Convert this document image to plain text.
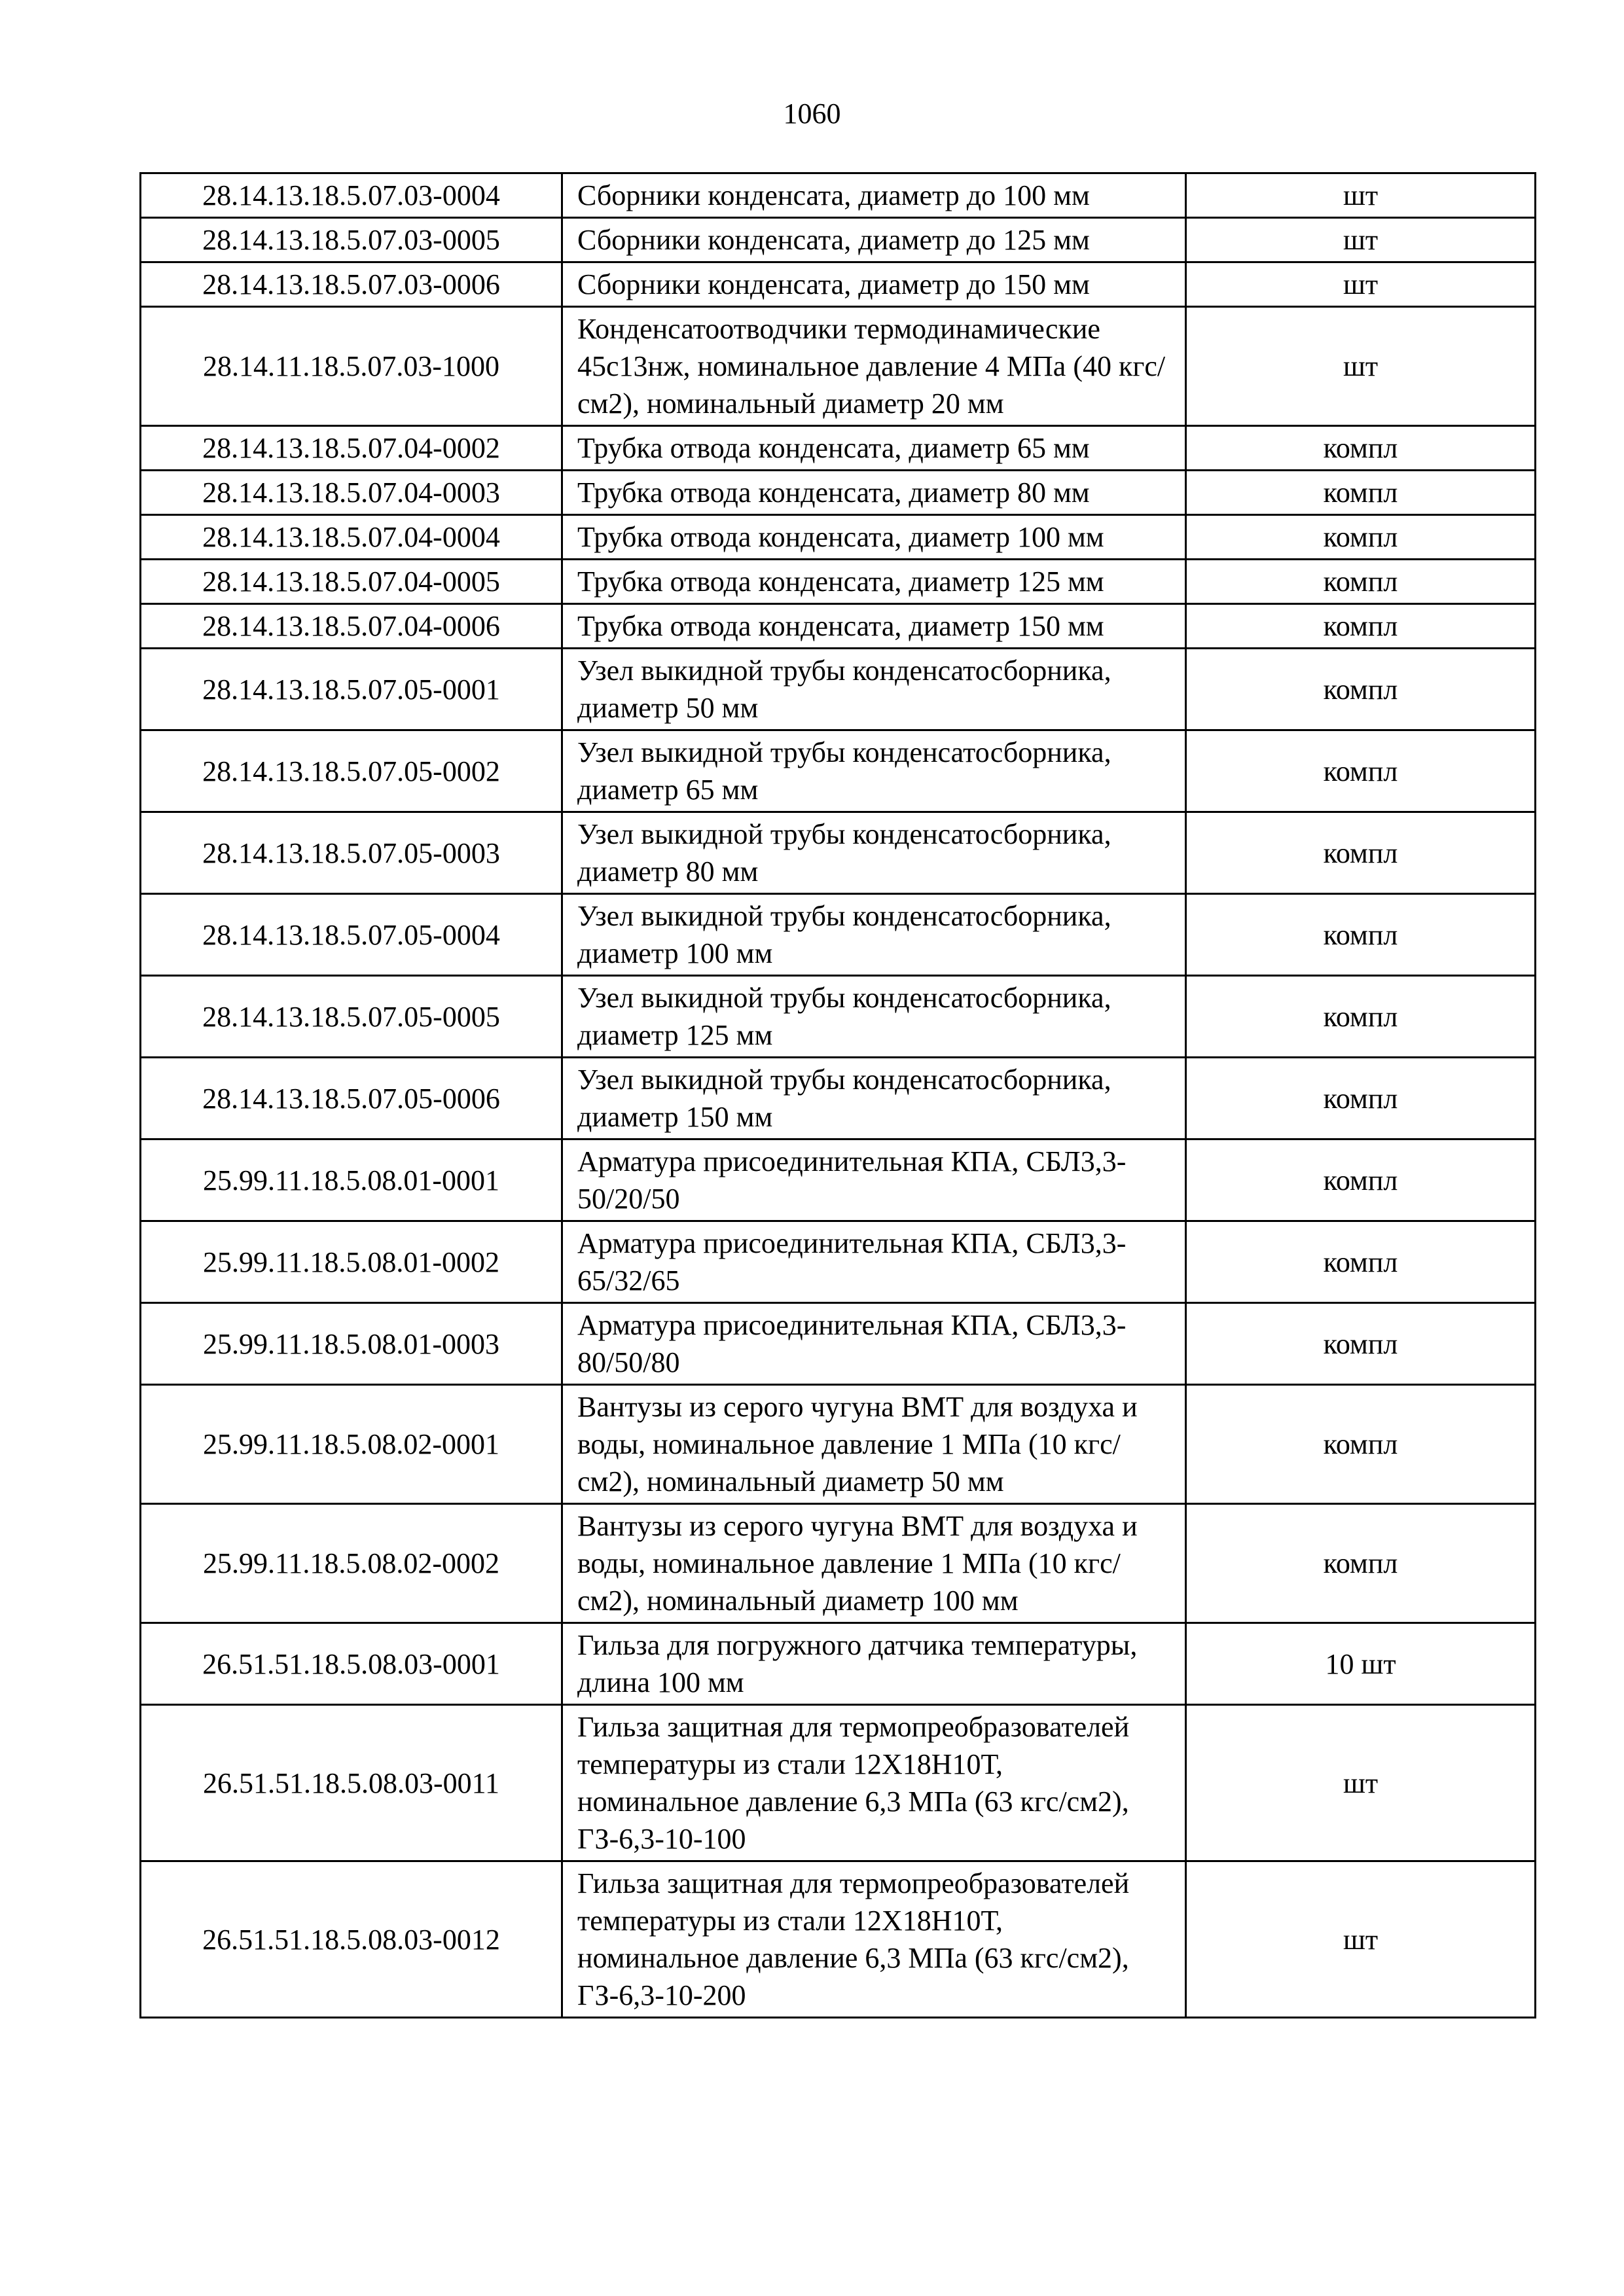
1060
28.14.13.18.5.07.03-0004	Сборники конденсата, диаметр до 100 мм	шт
28.14.13.18.5.07.03-0005	Сборники конденсата, диаметр до 125 мм	шт
28.14.13.18.5.07.03-0006	Сборники конденсата, диаметр до 150 мм	шт
28.14.11.18.5.07.03-1000	Конденсатоотводчики термодинамические 45с13нж, номинальное давление 4 МПа (40 кгс/см2), номинальный диаметр 20 мм	шт
28.14.13.18.5.07.04-0002	Трубка отвода конденсата, диаметр 65 мм	компл
28.14.13.18.5.07.04-0003	Трубка отвода конденсата, диаметр 80 мм	компл
28.14.13.18.5.07.04-0004	Трубка отвода конденсата, диаметр 100 мм	компл
28.14.13.18.5.07.04-0005	Трубка отвода конденсата, диаметр 125 мм	компл
28.14.13.18.5.07.04-0006	Трубка отвода конденсата, диаметр 150 мм	компл
28.14.13.18.5.07.05-0001	Узел выкидной трубы конденсатосборника, диаметр 50 мм	компл
28.14.13.18.5.07.05-0002	Узел выкидной трубы конденсатосборника, диаметр 65 мм	компл
28.14.13.18.5.07.05-0003	Узел выкидной трубы конденсатосборника, диаметр 80 мм	компл
28.14.13.18.5.07.05-0004	Узел выкидной трубы конденсатосборника, диаметр 100 мм	компл
28.14.13.18.5.07.05-0005	Узел выкидной трубы конденсатосборника, диаметр 125 мм	компл
28.14.13.18.5.07.05-0006	Узел выкидной трубы конденсатосборника, диаметр 150 мм	компл
25.99.11.18.5.08.01-0001	Арматура присоединительная КПА, СБЛ3,3-50/20/50	компл
25.99.11.18.5.08.01-0002	Арматура присоединительная КПА, СБЛ3,3-65/32/65	компл
25.99.11.18.5.08.01-0003	Арматура присоединительная КПА, СБЛ3,3-80/50/80	компл
25.99.11.18.5.08.02-0001	Вантузы из серого чугуна ВМТ для воздуха и воды, номинальное давление 1 МПа (10 кгс/см2), номинальный диаметр 50 мм	компл
25.99.11.18.5.08.02-0002	Вантузы из серого чугуна ВМТ для воздуха и воды, номинальное давление 1 МПа (10 кгс/см2), номинальный диаметр 100 мм	компл
26.51.51.18.5.08.03-0001	Гильза для погружного датчика температуры, длина 100 мм	10 шт
26.51.51.18.5.08.03-0011	Гильза защитная для термопреобразователей температуры из стали 12Х18Н10Т, номинальное давление 6,3 МПа (63 кгс/см2), ГЗ-6,3-10-100	шт
26.51.51.18.5.08.03-0012	Гильза защитная для термопреобразователей температуры из стали 12Х18Н10Т, номинальное давление 6,3 МПа (63 кгс/см2), ГЗ-6,3-10-200	шт
